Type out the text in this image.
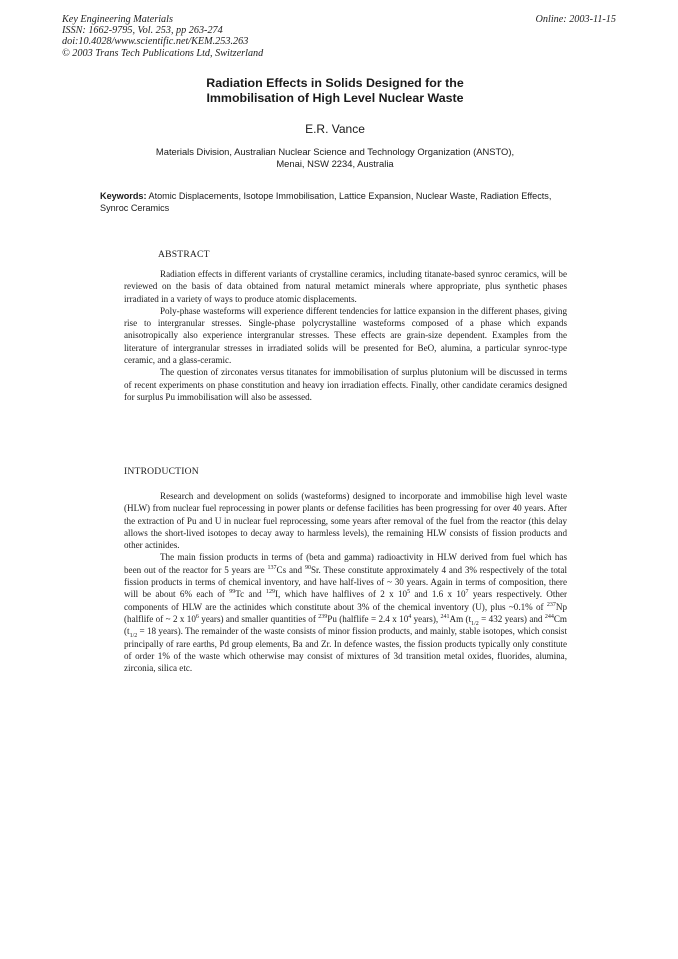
Key Engineering Materials
ISSN: 1662-9795, Vol. 253, pp 263-274
doi:10.4028/www.scientific.net/KEM.253.263
© 2003 Trans Tech Publications Ltd, Switzerland
Online: 2003-11-15
Radiation Effects in Solids Designed for the
Immobilisation of High Level Nuclear Waste
E.R. Vance
Materials Division, Australian Nuclear Science and Technology Organization (ANSTO),
Menai, NSW 2234, Australia
Keywords: Atomic Displacements, Isotope Immobilisation, Lattice Expansion, Nuclear Waste, Radiation Effects, Synroc Ceramics
ABSTRACT

Radiation effects in different variants of crystalline ceramics, including titanate-based synroc ceramics, will be reviewed on the basis of data obtained from natural metamict minerals where appropriate, plus synthetic phases irradiated in a variety of ways to produce atomic displacements.

Poly-phase wasteforms will experience different tendencies for lattice expansion in the different phases, giving rise to intergranular stresses. Single-phase polycrystalline wasteforms composed of a phase which expands anisotropically also experience intergranular stresses. These effects are grain-size dependent. Examples from the literature of intergranular stresses in irradiated solids will be presented for BeO, alumina, a particular synroc-type ceramic, and a glass-ceramic.

The question of zirconates versus titanates for immobilisation of surplus plutonium will be discussed in terms of recent experiments on phase constitution and heavy ion irradiation effects. Finally, other candidate ceramics designed for surplus Pu immobilisation will also be assessed.

INTRODUCTION

Research and development on solids (wasteforms) designed to incorporate and immobilise high level waste (HLW) from nuclear fuel reprocessing in power plants or defense facilities has been progressing for over 40 years. After the extraction of Pu and U in nuclear fuel reprocessing, some years after removal of the fuel from the reactor (this delay allows the short-lived isotopes to decay away to harmless levels), the remaining HLW consists of fission products and other actinides.

The main fission products in terms of (beta and gamma) radioactivity in HLW derived from fuel which has been out of the reactor for 5 years are $^{137}$Cs and $^{90}$Sr. These constitute approximately 4 and 3% respectively of the total fission products in terms of chemical inventory, and have half-lives of ~ 30 years. Again in terms of composition, there will be about 6% each of $^{99}$Tc and $^{129}$I, which have halflives of 2 x $10^5$ and 1.6 x $10^7$ years respectively. Other components of HLW are the actinides which constitute about 3% of the chemical inventory (U), plus ~0.1% of $^{237}$Np (halflife of ~ 2 x $10^6$ years) and smaller quantities of $^{239}$Pu (halflife = 2.4 x $10^4$ years), $^{241}$Am ($t_{1/2} = 432$ years) and $^{244}$Cm ($t_{1/2} = 18$ years). The remainder of the waste consists of minor fission products, and mainly, stable isotopes, which consist principally of rare earths, Pd group elements, Ba and Zr. In defence wastes, the fission products typically only constitute of order 1% of the waste which otherwise may consist of mixtures of 3d transition metal oxides, fluorides, alumina, zirconia, silica etc.
